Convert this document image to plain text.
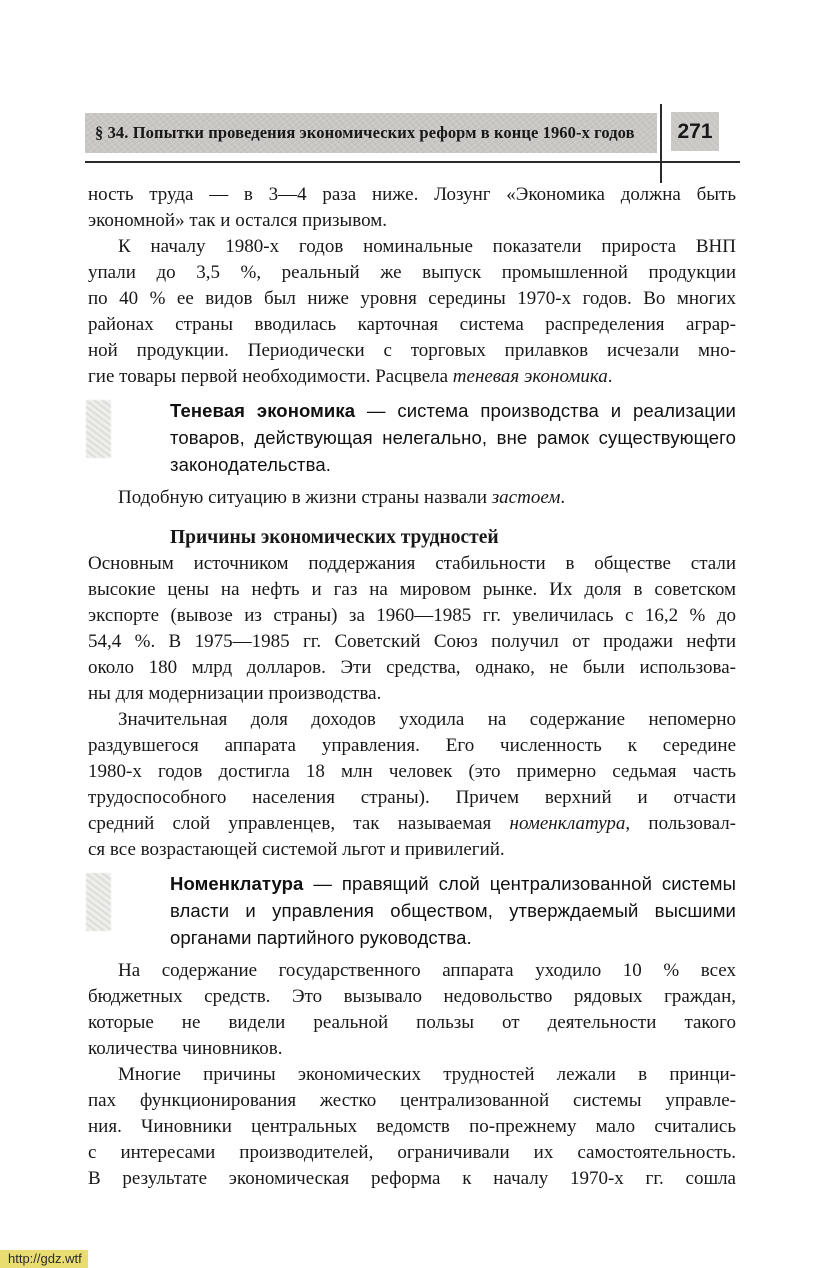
§ 34. Попытки проведения экономических реформ в конце 1960-х годов 271
ность труда — в 3—4 раза ниже. Лозунг «Экономика должна быть
экономной» так и остался призывом.
К началу 1980-х годов номинальные показатели прироста ВНП
упали до 3,5 %, реальный же выпуск промышленной продукции
по 40 % ее видов был ниже уровня середины 1970-х годов. Во многих
районах страны вводилась карточная система распределения аграр-
ной продукции. Периодически с торговых прилавков исчезали мно-
гие товары первой необходимости. Расцвела теневая экономика.
Теневая экономика — система производства и реализации
товаров, действующая нелегально, вне рамок существующего
законодательства.
Подобную ситуацию в жизни страны назвали застоем.
Причины экономических трудностей
Основным источником поддержания стабильности в обществе стали
высокие цены на нефть и газ на мировом рынке. Их доля в советском
экспорте (вывозе из страны) за 1960—1985 гг. увеличилась с 16,2 % до
54,4 %. В 1975—1985 гг. Советский Союз получил от продажи нефти
около 180 млрд долларов. Эти средства, однако, не были использова-
ны для модернизации производства.
Значительная доля доходов уходила на содержание непомерно
раздувшегося аппарата управления. Его численность к середине
1980-х годов достигла 18 млн человек (это примерно седьмая часть
трудоспособного населения страны). Причем верхний и отчасти
средний слой управленцев, так называемая номенклатура, пользовал-
ся все возрастающей системой льгот и привилегий.
Номенклатура — правящий слой централизованной системы
власти и управления обществом, утверждаемый высшими
органами партийного руководства.
На содержание государственного аппарата уходило 10 % всех
бюджетных средств. Это вызывало недовольство рядовых граждан,
которые не видели реальной пользы от деятельности такого
количества чиновников.
Многие причины экономических трудностей лежали в принци-
пах функционирования жестко централизованной системы управле-
ния. Чиновники центральных ведомств по-прежнему мало считались
с интересами производителей, ограничивали их самостоятельность.
В результате экономическая реформа к началу 1970-х гг. сошла
http://gdz.wtf
